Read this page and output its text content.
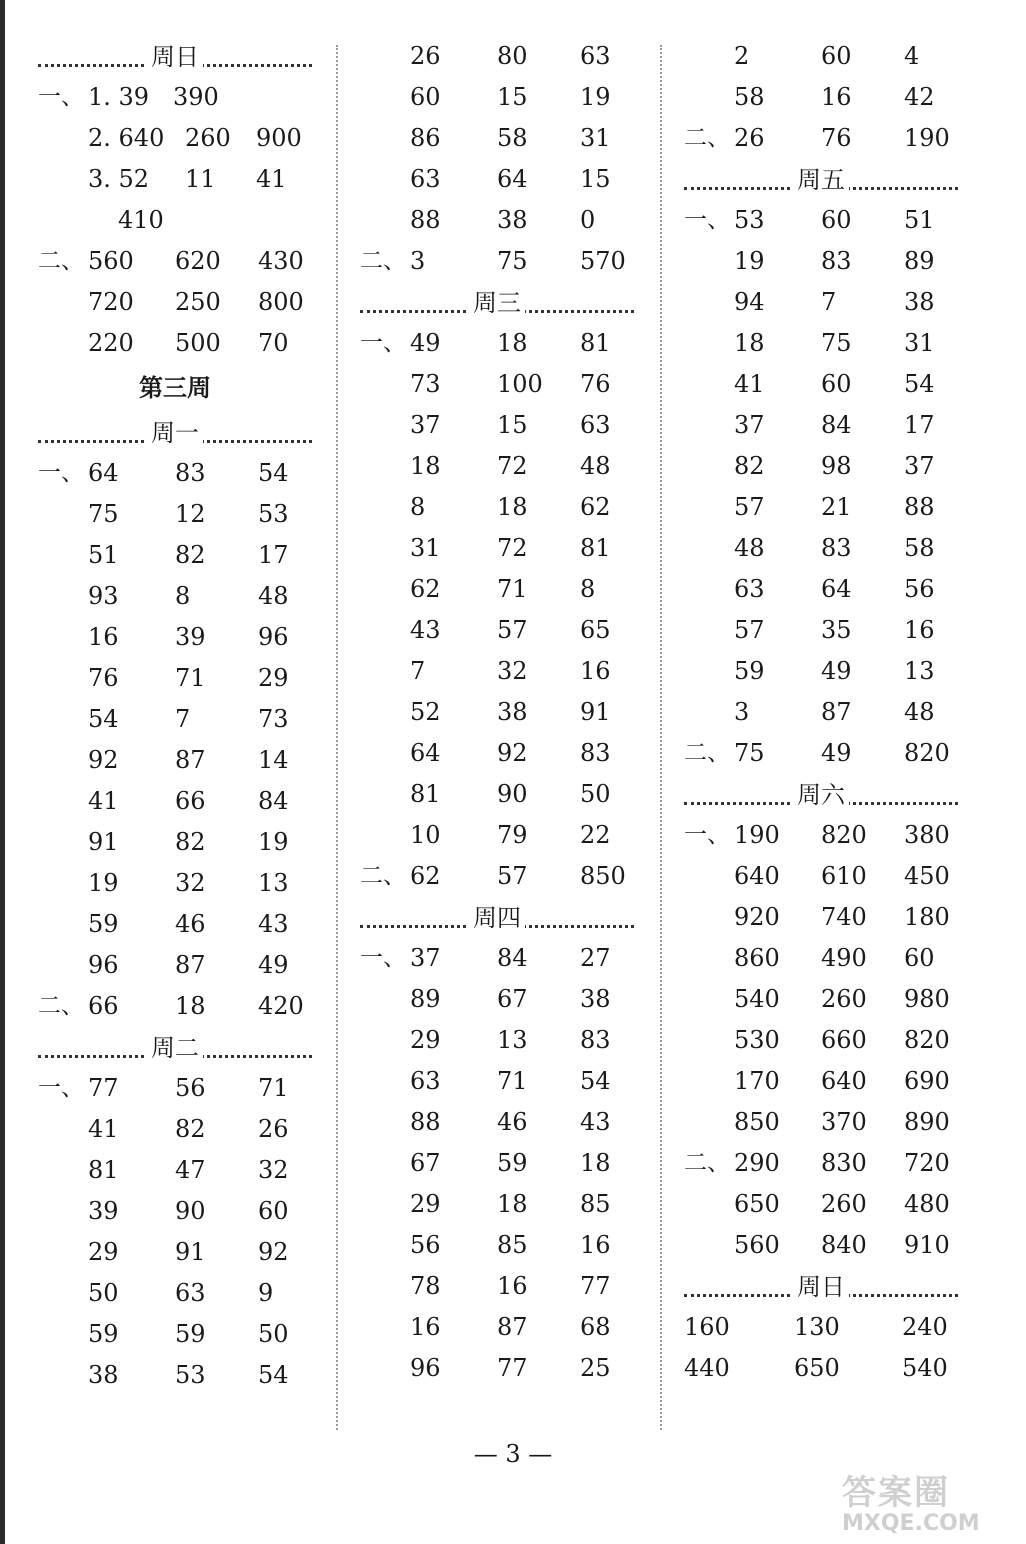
周日
一、 1. 39 390
2. 640 260 900
3. 52 11 41
410
二、 560 620 430
720 250 800
220 500 70
第三周
周一
一、 64 83 54
75 12 53
51 82 17
93 8	48
16 39 96
76 71 29
54 7	73
92 87 14
41 66 84
91 82 19
19 32 13
59 46 43
96 87 49
二、 66 18 420
周二
一、 77 56 71
41 82 26
81 47 32
39 90 60
29 91 92
50 63 9
59 59 50
38 53 54
26 80 63
60 15 19
86 58 31
63 64 15
88 38 0
二、 3	75 570
周三
一、 49 18 81
73 100 76
37 15 63
18 72 48
8	18 62
31 72 81
62 71 8
43 57 65
7	32 16
52 38 91
64 92 83
81 90 50
10 79 22
二、 62 57 850
周四
一、 37 84 27
89 67 38
29 13 83
63 71 54
88 46 43
67 59 18
29 18 85
56 85 16
78 16 77
16 87 68
96 77 25
2	60 4
58 16 42
二、 26 76 190
周五
一、 53 60 51
19 83 89
94 7	38
18 75 31
41 60 54
37 84 17
82 98 37
57 21 88
48 83 58
63 64 56
57 35 16
59 49 13
3	87 48
二、 75 49 820
周六
一、 190 820 380
640 610 450
920 740 180
860 490 60
540 260 980
530 660 820
170 640 690
850 370 890
二、 290 830 720
650 260 480
560 840 910
周日
160	130	240
440	650	540
— 3 —
答案圈
MXQE.COM
